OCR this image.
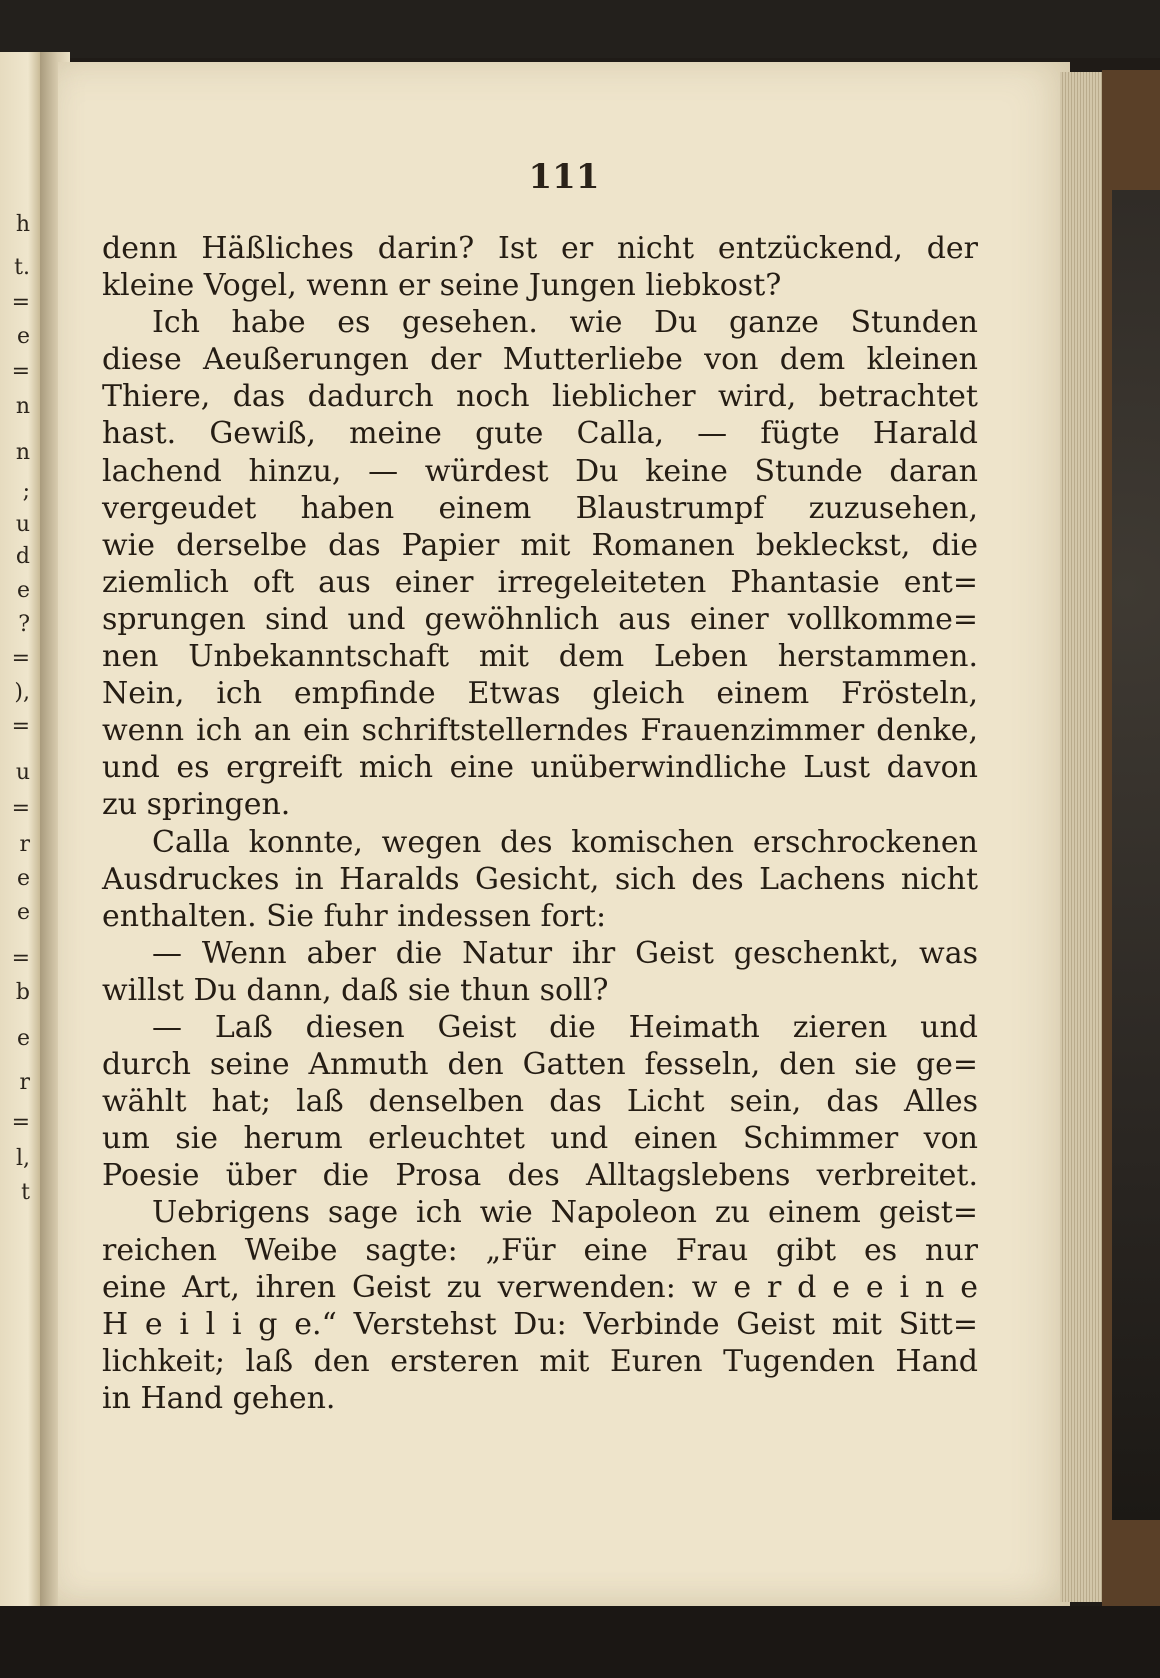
h
t.
=
e
=
n
n
;
u
d
e
?
=
),
=
u
=
r
e
e
=
b
e
r
=
l,
t
111
denn Häßliches darin? Ist er nicht entzückend, der
kleine Vogel, wenn er seine Jungen liebkost?
Ich habe es gesehen. wie Du ganze Stunden
diese Aeußerungen der Mutterliebe von dem kleinen
Thiere, das dadurch noch lieblicher wird, betrachtet
hast. Gewiß, meine gute Calla, — fügte Harald
lachend hinzu, — würdest Du keine Stunde daran
vergeudet haben einem Blaustrumpf zuzusehen,
wie derselbe das Papier mit Romanen bekleckst, die
ziemlich oft aus einer irregeleiteten Phantasie ent=
sprungen sind und gewöhnlich aus einer vollkomme=
nen Unbekanntschaft mit dem Leben herstammen.
Nein, ich empfinde Etwas gleich einem Frösteln,
wenn ich an ein schriftstellerndes Frauenzimmer denke,
und es ergreift mich eine unüberwindliche Lust davon
zu springen.
Calla konnte, wegen des komischen erschrockenen
Ausdruckes in Haralds Gesicht, sich des Lachens nicht
enthalten. Sie fuhr indessen fort:
— Wenn aber die Natur ihr Geist geschenkt, was
willst Du dann, daß sie thun soll?
— Laß diesen Geist die Heimath zieren und
durch seine Anmuth den Gatten fesseln, den sie ge=
wählt hat; laß denselben das Licht sein, das Alles
um sie herum erleuchtet und einen Schimmer von
Poesie über die Prosa des Alltagslebens verbreitet.
Uebrigens sage ich wie Napoleon zu einem geist=
reichen Weibe sagte: „Für eine Frau gibt es nur
eine Art, ihren Geist zu verwenden: w e r d e e i n e
H e i l i g e.“ Verstehst Du: Verbinde Geist mit Sitt=
lichkeit; laß den ersteren mit Euren Tugenden Hand
in Hand gehen.
